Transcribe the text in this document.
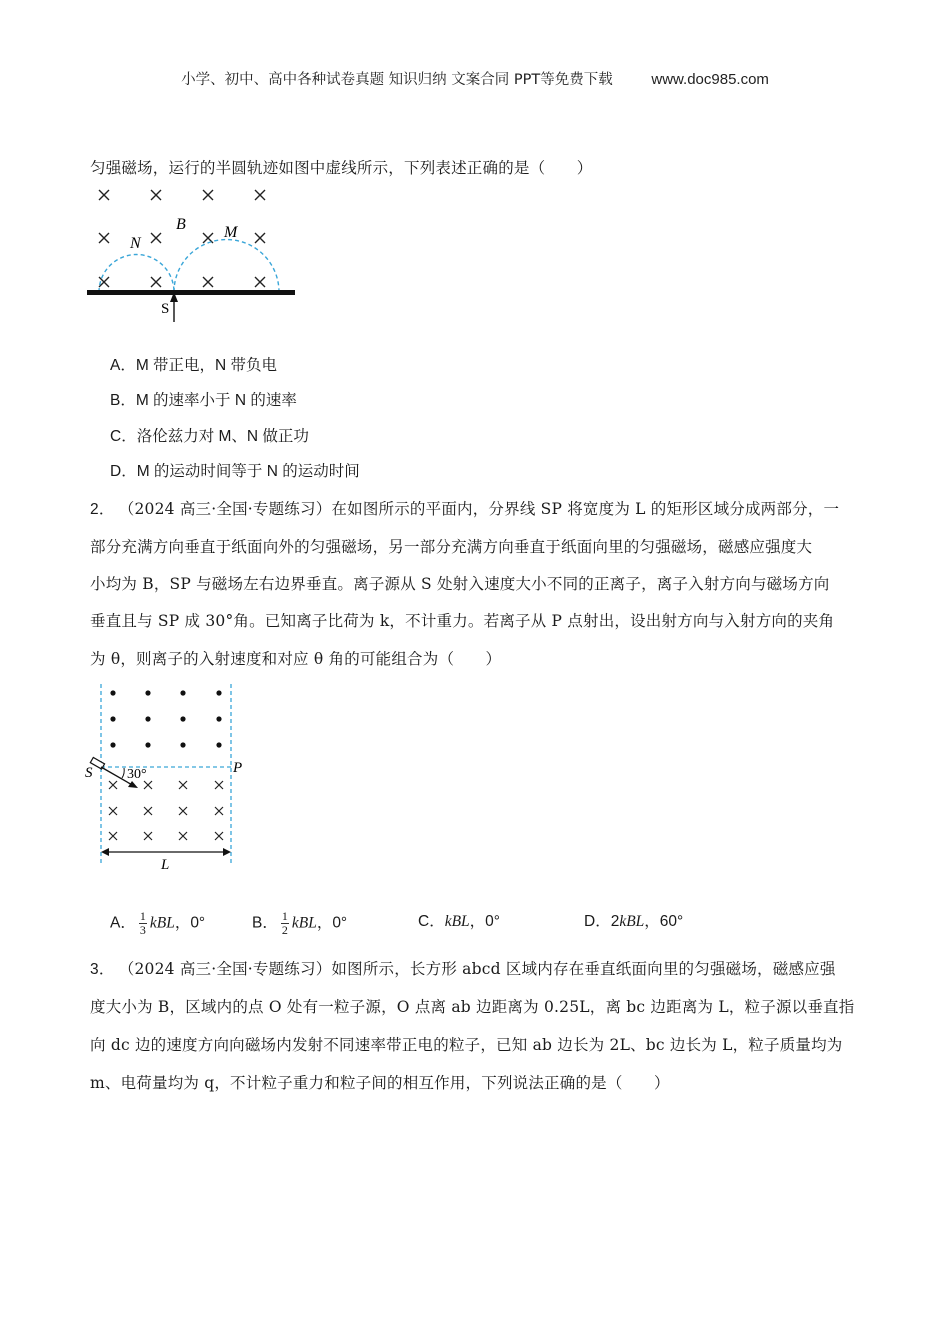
小学、初中、高中各种试卷真题 知识归纳 文案合同 PPT等免费下载	www.doc985.com
匀强磁场，运行的半圆轨迹如图中虚线所示，下列表述正确的是（　　）
B
N
M
S
A．M 带正电，N 带负电
B．M 的速率小于 N 的速率
C．洛伦兹力对 M、N 做正功
D．M 的运动时间等于 N 的运动时间
2． （2024 高三·全国·专题练习）在如图所示的平面内，分界线 SP 将宽度为 L 的矩形区域分成两部分，一
部分充满方向垂直于纸面向外的匀强磁场，另一部分充满方向垂直于纸面向里的匀强磁场，磁感应强度大
小均为 B，SP 与磁场左右边界垂直。离子源从 S 处射入速度大小不同的正离子，离子入射方向与磁场方向
垂直且与 SP 成 30°角。已知离子比荷为 k，不计重力。若离子从 P 点射出，设出射方向与入射方向的夹角
为 θ，则离子的入射速度和对应 θ 角的可能组合为（　　）
30°
S	P
L
A． $\frac{1}{3}$ kBL，0°	B． $\frac{1}{2}$ kBL，0°	C．kBL，0°	D．2kBL，60°
3． （2024 高三·全国·专题练习）如图所示，长方形 abcd 区域内存在垂直纸面向里的匀强磁场，磁感应强
度大小为 B，区域内的点 O 处有一粒子源，O 点离 ab 边距离为 0.25L，离 bc 边距离为 L，粒子源以垂直指
向 dc 边的速度方向向磁场内发射不同速率带正电的粒子，已知 ab 边长为 2L、bc 边长为 L，粒子质量均为
m、电荷量均为 q，不计粒子重力和粒子间的相互作用，下列说法正确的是（　　）
